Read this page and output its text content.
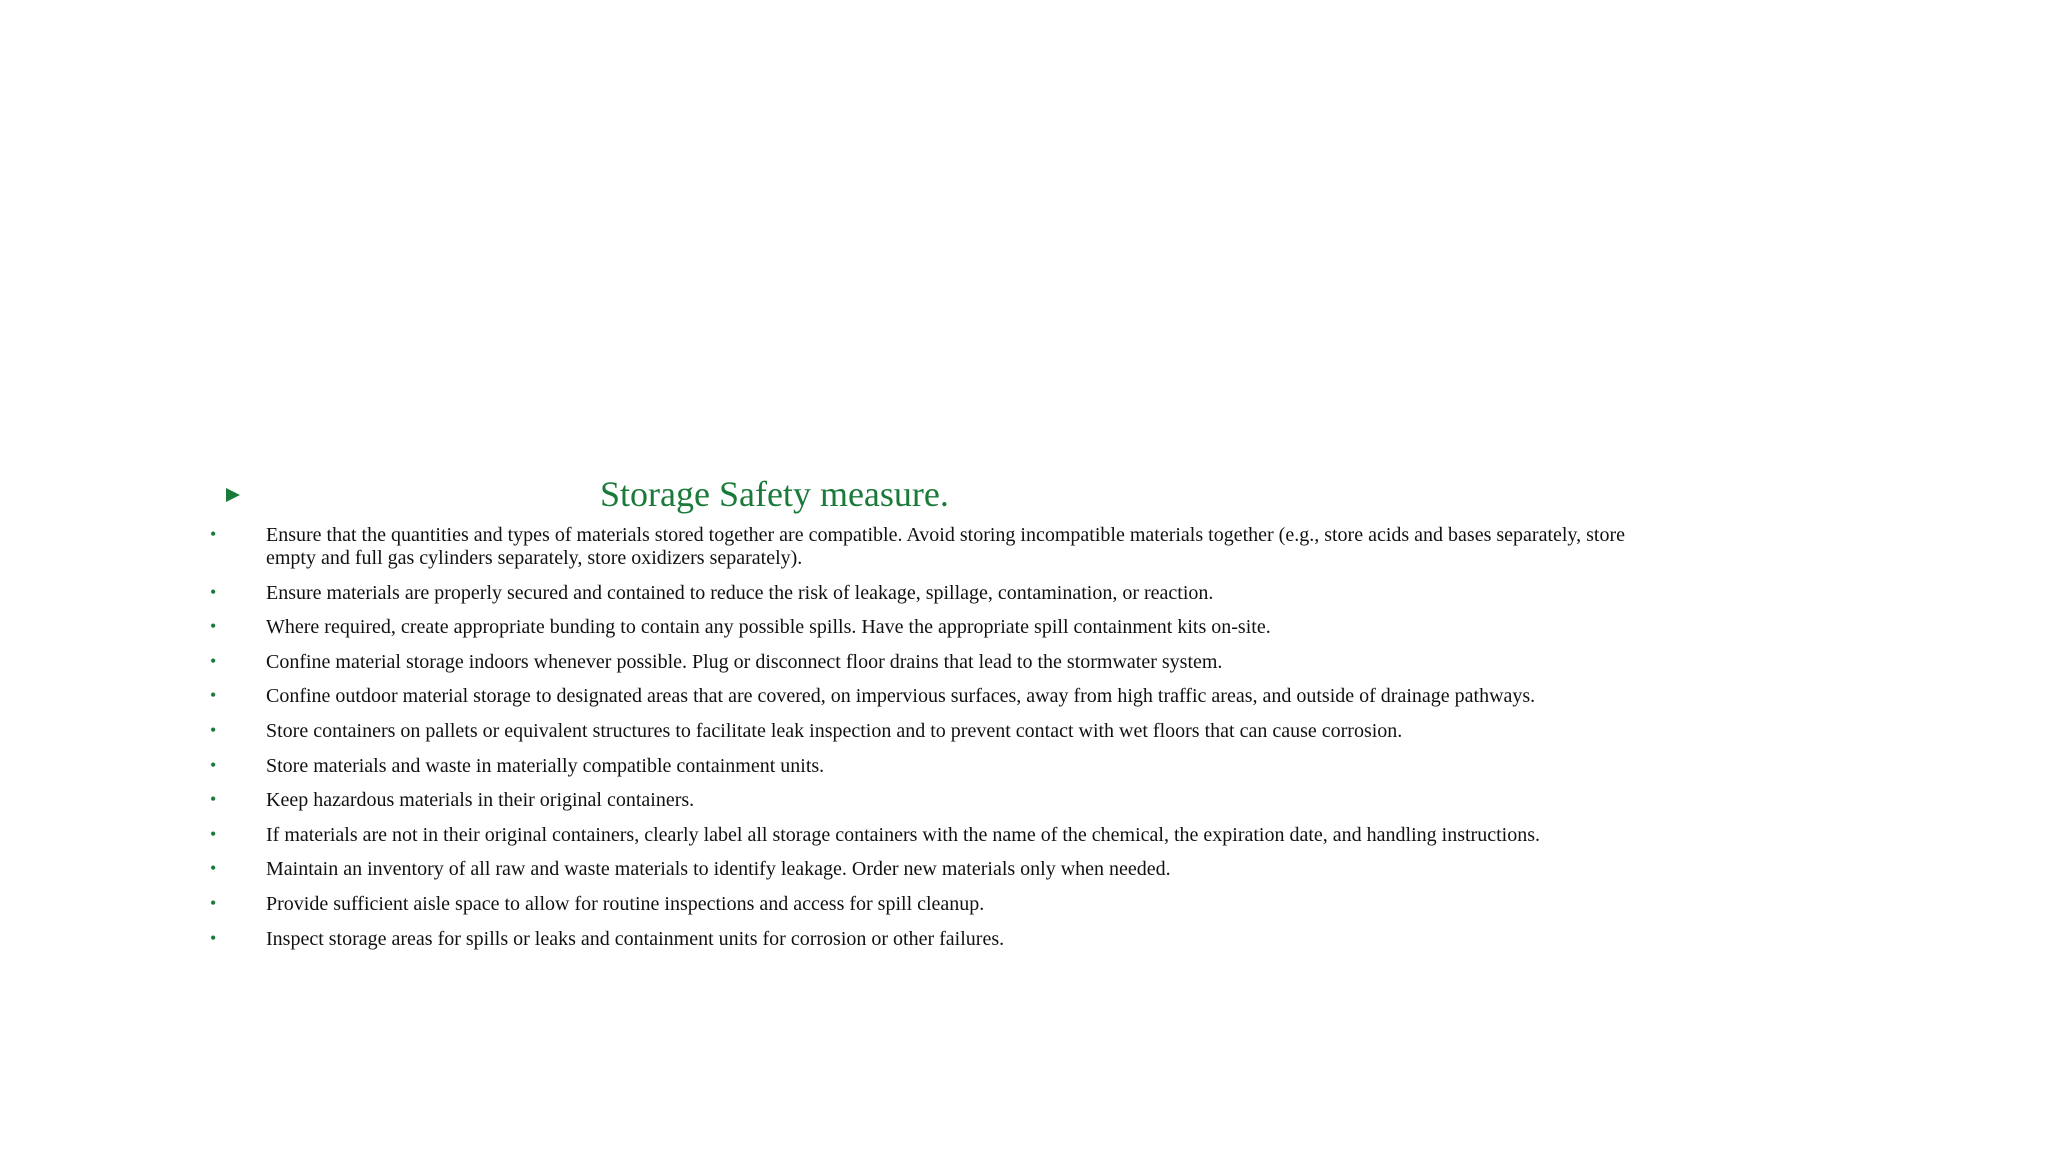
Storage Safety measure.
• Ensure that the quantities and types of materials stored together are compatible. Avoid storing incompatible materials together (e.g., store acids and bases separately, store empty and full gas cylinders separately, store oxidizers separately).
• Ensure materials are properly secured and contained to reduce the risk of leakage, spillage, contamination, or reaction.
• Where required, create appropriate bunding to contain any possible spills. Have the appropriate spill containment kits on-site.
• Confine material storage indoors whenever possible. Plug or disconnect floor drains that lead to the stormwater system.
• Confine outdoor material storage to designated areas that are covered, on impervious surfaces, away from high traffic areas, and outside of drainage pathways.
• Store containers on pallets or equivalent structures to facilitate leak inspection and to prevent contact with wet floors that can cause corrosion.
• Store materials and waste in materially compatible containment units.
• Keep hazardous materials in their original containers.
• If materials are not in their original containers, clearly label all storage containers with the name of the chemical, the expiration date, and handling instructions.
• Maintain an inventory of all raw and waste materials to identify leakage. Order new materials only when needed.
• Provide sufficient aisle space to allow for routine inspections and access for spill cleanup.
• Inspect storage areas for spills or leaks and containment units for corrosion or other failures.
